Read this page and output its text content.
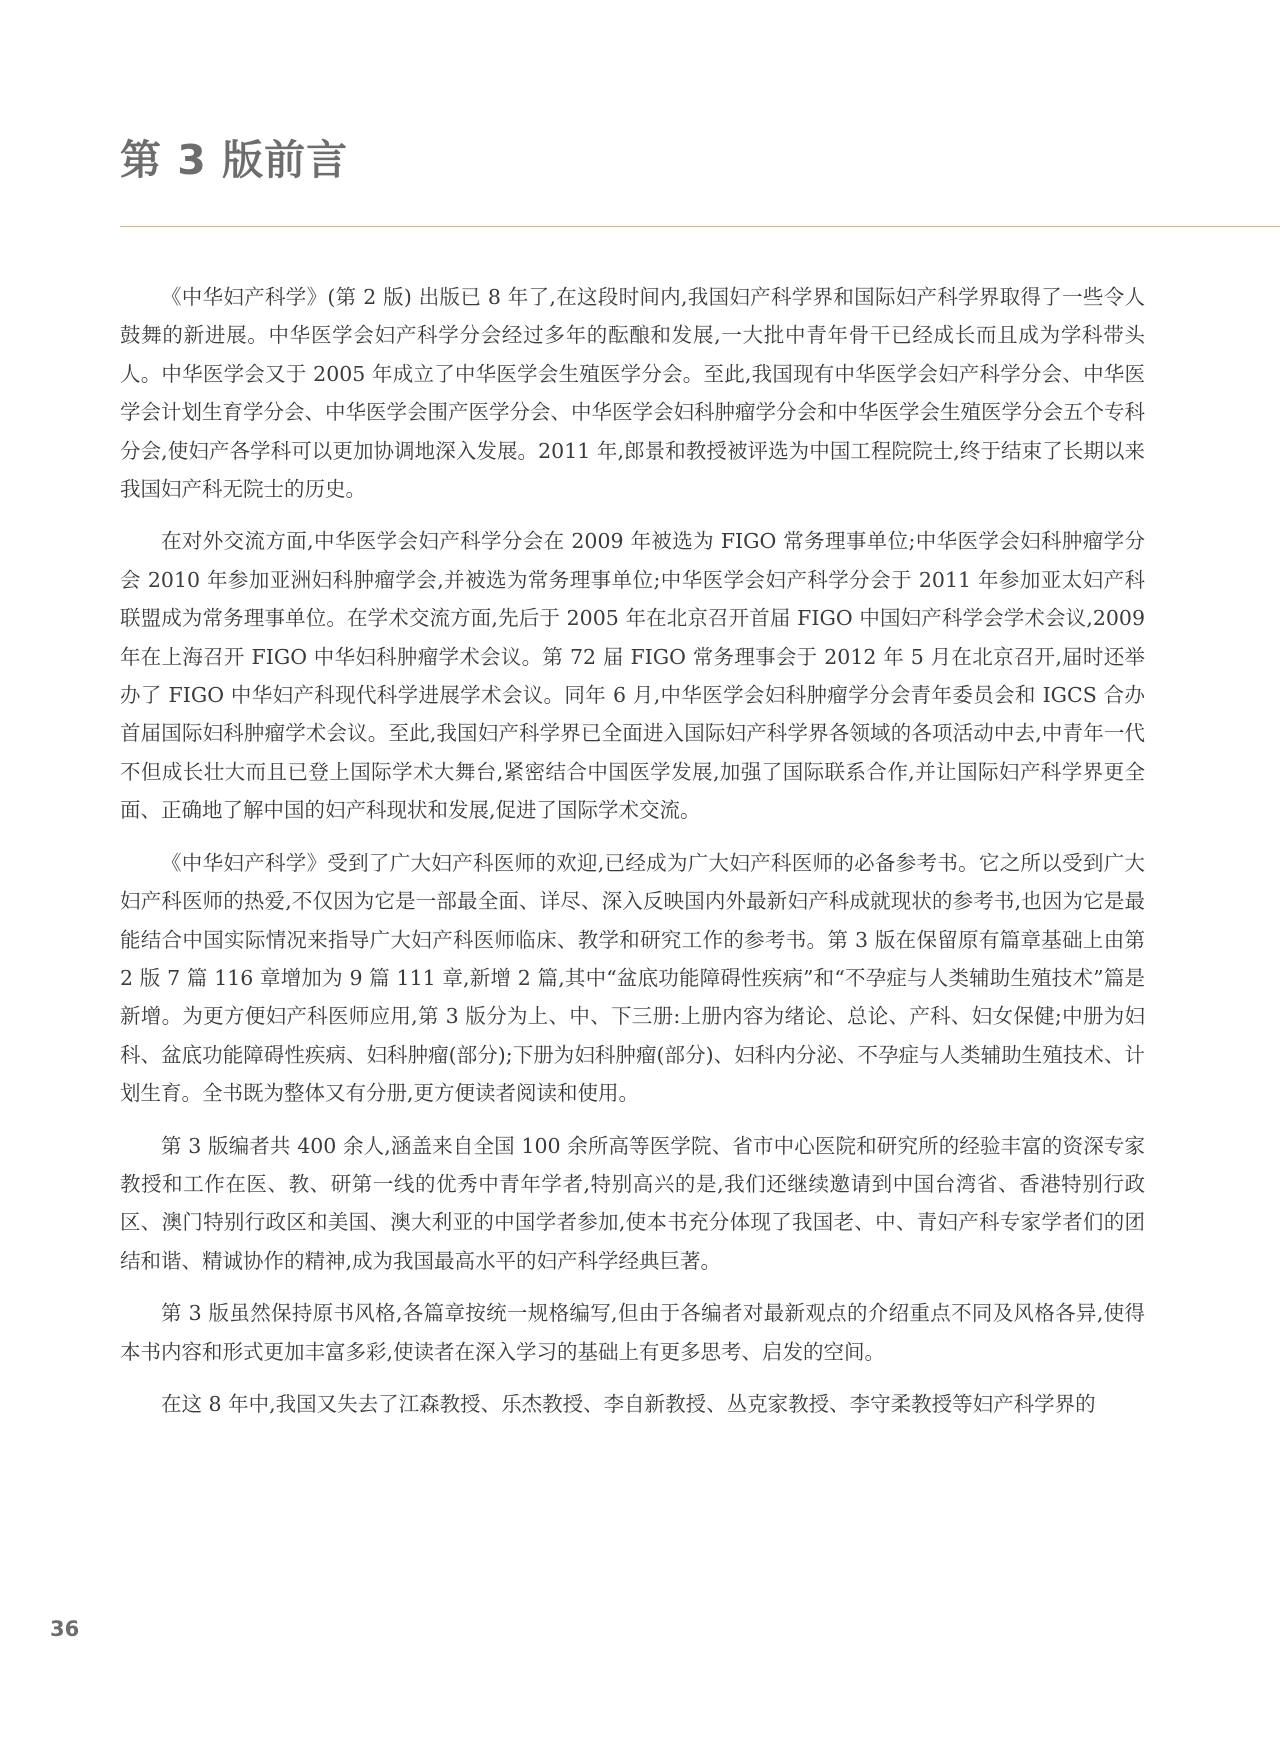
第 3 版前言

《中华妇产科学》(第 2 版) 出版已 8 年了,在这段时间内,我国妇产科学界和国际妇产科学界取得了一些令人鼓舞的新进展。中华医学会妇产科学分会经过多年的酝酿和发展,一大批中青年骨干已经成长而且成为学科带头人。中华医学会又于 2005 年成立了中华医学会生殖医学分会。至此,我国现有中华医学会妇产科学分会、中华医学会计划生育学分会、中华医学会围产医学分会、中华医学会妇科肿瘤学分会和中华医学会生殖医学分会五个专科分会,使妇产各学科可以更加协调地深入发展。2011 年,郎景和教授被评选为中国工程院院士,终于结束了长期以来我国妇产科无院士的历史。

在对外交流方面,中华医学会妇产科学分会在 2009 年被选为 FIGO 常务理事单位;中华医学会妇科肿瘤学分会 2010 年参加亚洲妇科肿瘤学会,并被选为常务理事单位;中华医学会妇产科学分会于 2011 年参加亚太妇产科联盟成为常务理事单位。在学术交流方面,先后于 2005 年在北京召开首届 FIGO 中国妇产科学会学术会议,2009 年在上海召开 FIGO 中华妇科肿瘤学术会议。第 72 届 FIGO 常务理事会于 2012 年 5 月在北京召开,届时还举办了 FIGO 中华妇产科现代科学进展学术会议。同年 6 月,中华医学会妇科肿瘤学分会青年委员会和 IGCS 合办首届国际妇科肿瘤学术会议。至此,我国妇产科学界已全面进入国际妇产科学界各领域的各项活动中去,中青年一代不但成长壮大而且已登上国际学术大舞台,紧密结合中国医学发展,加强了国际联系合作,并让国际妇产科学界更全面、正确地了解中国的妇产科现状和发展,促进了国际学术交流。

《中华妇产科学》受到了广大妇产科医师的欢迎,已经成为广大妇产科医师的必备参考书。它之所以受到广大妇产科医师的热爱,不仅因为它是一部最全面、详尽、深入反映国内外最新妇产科成就现状的参考书,也因为它是最能结合中国实际情况来指导广大妇产科医师临床、教学和研究工作的参考书。第 3 版在保留原有篇章基础上由第 2 版 7 篇 116 章增加为 9 篇 111 章,新增 2 篇,其中“盆底功能障碍性疾病”和“不孕症与人类辅助生殖技术”篇是新增。为更方便妇产科医师应用,第 3 版分为上、中、下三册:上册内容为绪论、总论、产科、妇女保健;中册为妇科、盆底功能障碍性疾病、妇科肿瘤(部分);下册为妇科肿瘤(部分)、妇科内分泌、不孕症与人类辅助生殖技术、计划生育。全书既为整体又有分册,更方便读者阅读和使用。

第 3 版编者共 400 余人,涵盖来自全国 100 余所高等医学院、省市中心医院和研究所的经验丰富的资深专家教授和工作在医、教、研第一线的优秀中青年学者,特别高兴的是,我们还继续邀请到中国台湾省、香港特别行政区、澳门特别行政区和美国、澳大利亚的中国学者参加,使本书充分体现了我国老、中、青妇产科专家学者们的团结和谐、精诚协作的精神,成为我国最高水平的妇产科学经典巨著。

第 3 版虽然保持原书风格,各篇章按统一规格编写,但由于各编者对最新观点的介绍重点不同及风格各异,使得本书内容和形式更加丰富多彩,使读者在深入学习的基础上有更多思考、启发的空间。

在这 8 年中,我国又失去了江森教授、乐杰教授、李自新教授、丛克家教授、李守柔教授等妇产科学界的

36
